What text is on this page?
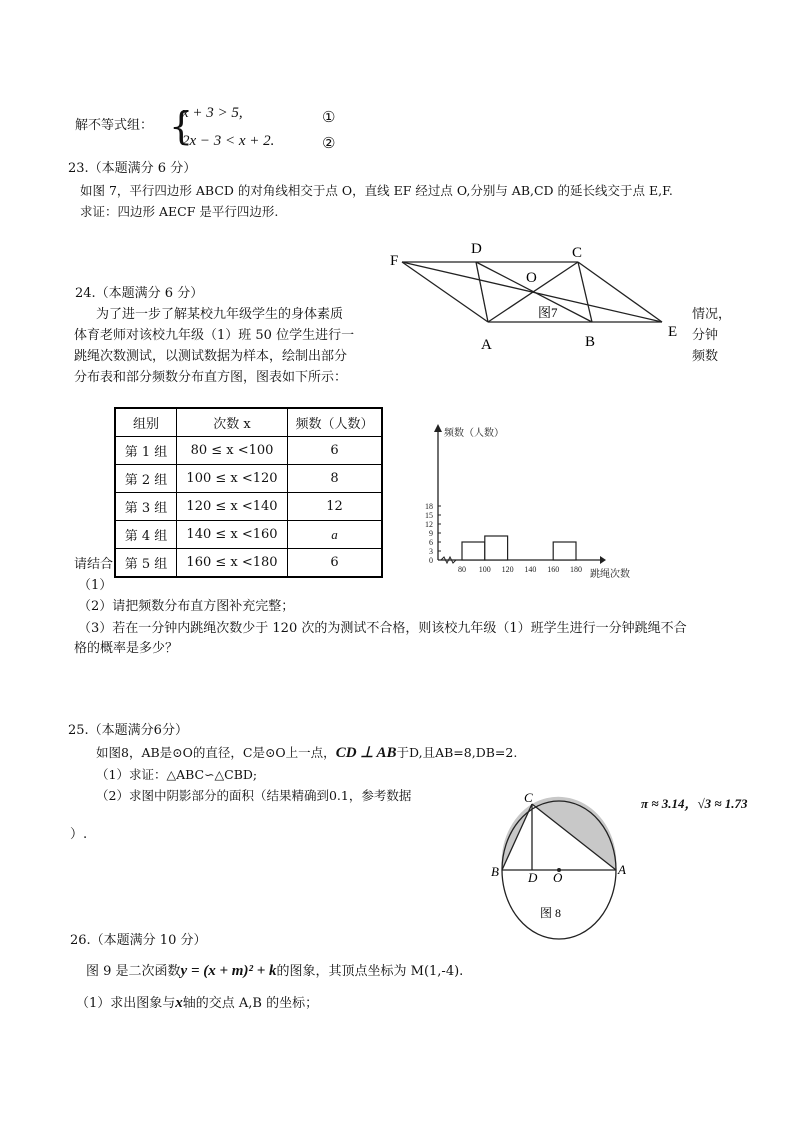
解不等式组： {
x + 3 > 5,
2x − 3 < x + 2.
①
②
23.（本题满分 6 分）
如图 7，平行四边形 ABCD 的对角线相交于点 O，直线 EF 经过点 O,分别与 AB,CD 的延长线交于点 E,F.
求证：四边形 AECF 是平行四边形.
F
D	C
O
A	B
E
图7
24.（本题满分 6 分）
为了进一步了解某校九年级学生的身体素质
体育老师对该校九年级（1）班 50 位学生进行一
跳绳次数测试，以测试数据为样本，绘制出部分
分布表和部分频数分布直方图，图表如下所示：
情况，
分钟
频数
组别	次数 x	频数（人数）
第 1 组	80 ≤ x <100	6
第 2 组	100 ≤ x <120	8
第 3 组	120 ≤ x <140	12
第 4 组	140 ≤ x <160	a
第 5 组	160 ≤ x <180	6	0
3
6
9
12
15
18
80 100 120 140 160 180
频数（人数）
跳绳次数
请结合
（1）
（2）请把频数分布直方图补充完整；
（3）若在一分钟内跳绳次数少于 120 次的为测试不合格，则该校九年级（1）班学生进行一分钟跳绳不合
格的概率是多少？
25.（本题满分6分）
如图8，AB是⊙O的直径，C是⊙O上一点，CD ⊥ AB于D,且AB=8,DB=2.
（1）求证：△ABC∽△CBD;
（2）求图中阴影部分的面积（结果精确到0.1，参考数据
π ≈ 3.14，√3 ≈ 1.73
）.
C
B D O
A
图 8
26.（本题满分 10 分）
图 9 是二次函数y = (x + m)² + k的图象，其顶点坐标为 M(1,-4).
（1）求出图象与x轴的交点 A,B 的坐标；
